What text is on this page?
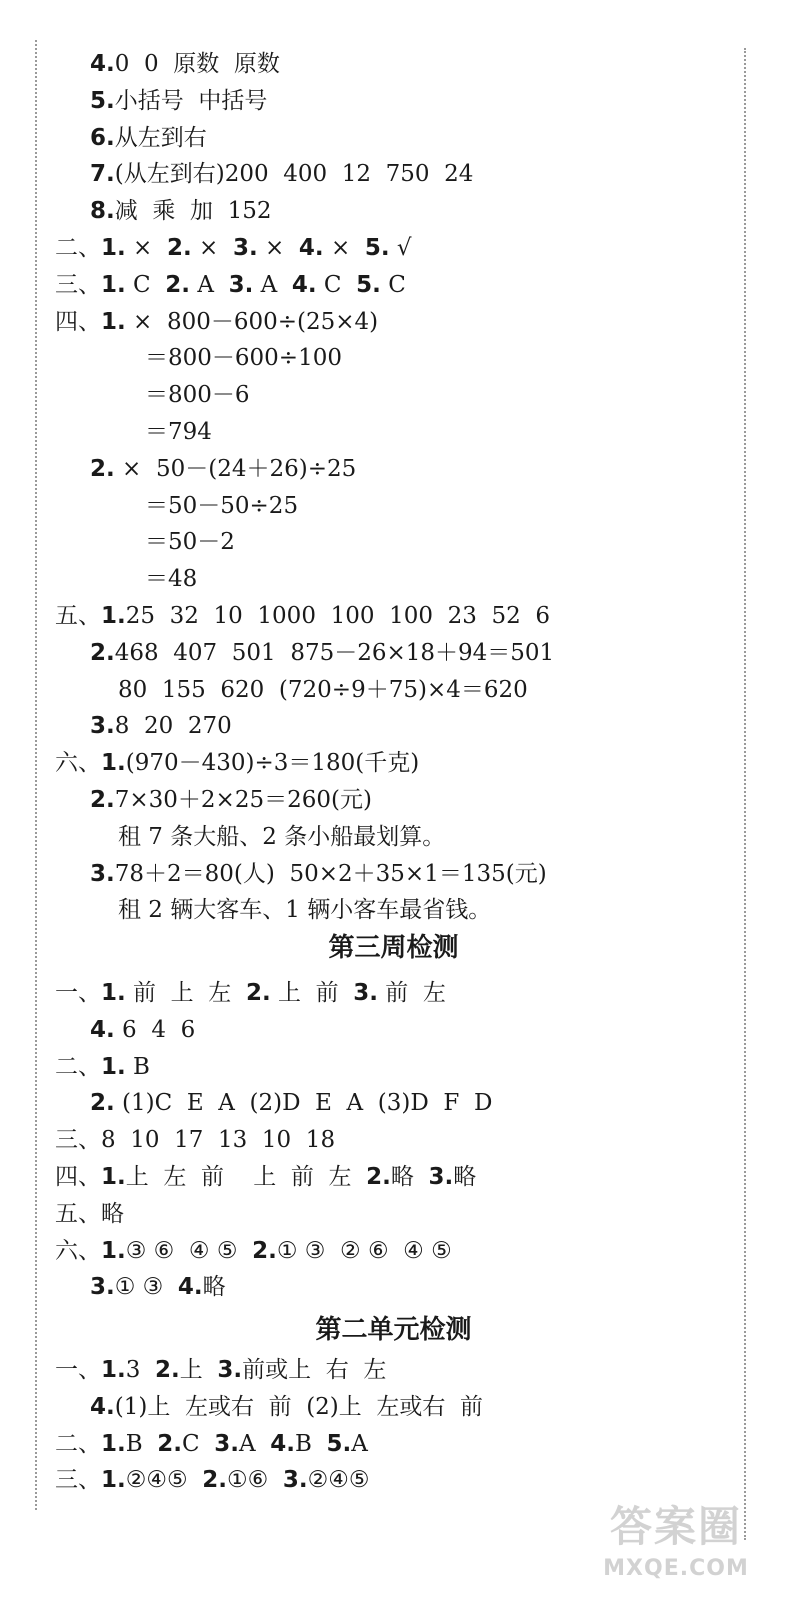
4.0  0  原数  原数
5.小括号  中括号
6.从左到右
7.(从左到右)200  400  12  750  24
8.减  乘  加  152
二、1. ×  2. ×  3. ×  4. ×  5. √
三、1. C  2. A  3. A  4. C  5. C
四、1. ×  800－600÷(25×4)
＝800－600÷100
＝800－6
＝794
2. ×  50－(24＋26)÷25
＝50－50÷25
＝50－2
＝48
五、1.25  32  10  1000  100  100  23  52  6
2.468  407  501  875－26×18＋94＝501
80  155  620  (720÷9＋75)×4＝620
3.8  20  270
六、1.(970－430)÷3＝180(千克)
2.7×30＋2×25＝260(元)
租 7 条大船、2 条小船最划算。
3.78＋2＝80(人)  50×2＋35×1＝135(元)
租 2 辆大客车、1 辆小客车最省钱。
第三周检测
一、1. 前  上  左  2. 上  前  3. 前  左
4. 6  4  6
二、1. B
2. (1)C  E  A  (2)D  E  A  (3)D  F  D
三、8  10  17  13  10  18
四、1.上  左  前    上  前  左  2.略  3.略
五、略
六、1.③ ⑥  ④ ⑤  2.① ③  ② ⑥  ④ ⑤
3.① ③  4.略
第二单元检测
一、1.3  2.上  3.前或上  右  左
4.(1)上  左或右  前  (2)上  左或右  前
二、1.B  2.C  3.A  4.B  5.A
三、1.②④⑤  2.①⑥  3.②④⑤
答案圈
MXQE.COM
